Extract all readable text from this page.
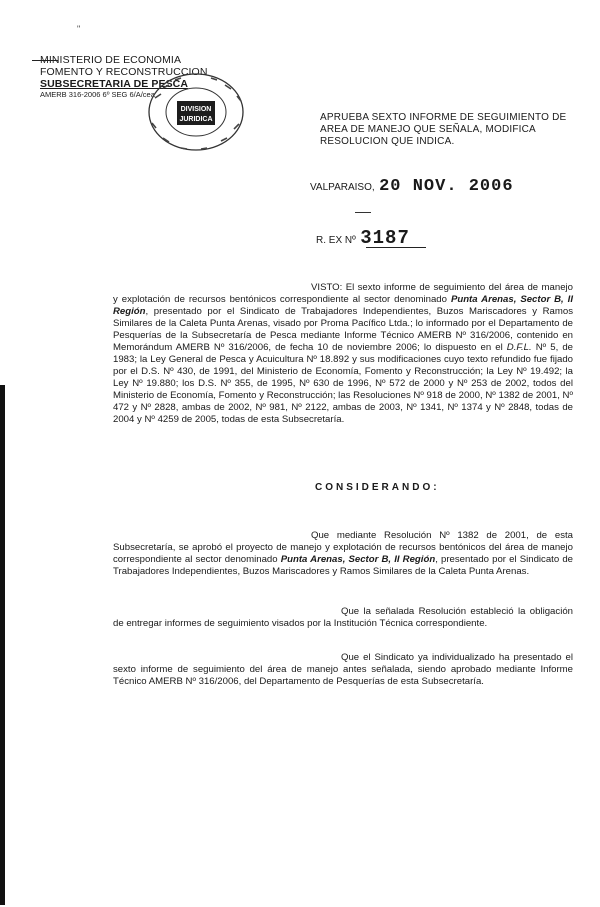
"
MINISTERIO DE ECONOMIA
FOMENTO Y RECONSTRUCCION
SUBSECRETARIA DE PESCA
AMERB 316-2006 6º SEG 6/A/cea
DIVISION
JURIDICA	APRUEBA SEXTO INFORME DE SEGUIMIENTO DE AREA DE MANEJO QUE SEÑALA, MODIFICA RESOLUCION QUE INDICA.
VALPARAISO, 20 NOV. 2006
R. EX Nº 3187
VISTO: El sexto informe de seguimiento del área de manejo y explotación de recursos bentónicos correspondiente al sector denominado Punta Arenas, Sector B, II Región, presentado por el Sindicato de Trabajadores Independientes, Buzos Mariscadores y Ramos Similares de la Caleta Punta Arenas, visado por Proma Pacífico Ltda.; lo informado por el Departamento de Pesquerías de la Subsecretaría de Pesca mediante Informe Técnico AMERB Nº 316/2006, contenido en Memorándum AMERB Nº 316/2006, de fecha 10 de noviembre 2006; lo dispuesto en el D.F.L. Nº 5, de 1983; la Ley General de Pesca y Acuicultura Nº 18.892 y sus modificaciones cuyo texto refundido fue fijado por el D.S. Nº 430, de 1991, del Ministerio de Economía, Fomento y Reconstrucción; la Ley Nº 19.492; la Ley Nº 19.880; los D.S. Nº 355, de 1995, Nº 630 de 1996, Nº 572 de 2000 y Nº 253 de 2002, todos del Ministerio de Economía, Fomento y Reconstrucción; las Resoluciones Nº 918 de 2000, Nº 1382 de 2001, Nº 472 y Nº 2828, ambas de 2002, Nº 981, Nº 2122, ambas de 2003, Nº 1341, Nº 1374 y Nº 2848, todas de 2004 y Nº 4259 de 2005, todas de esta Subsecretaría.
CONSIDERANDO:
Que mediante Resolución Nº 1382 de 2001, de esta Subsecretaría, se aprobó el proyecto de manejo y explotación de recursos bentónicos del área de manejo correspondiente al sector denominado Punta Arenas, Sector B, II Región, presentado por el Sindicato de Trabajadores Independientes, Buzos Mariscadores y Ramos Similares de la Caleta Punta Arenas.
Que la señalada Resolución estableció la obligación de entregar informes de seguimiento visados por la Institución Técnica correspondiente.
Que el Sindicato ya individualizado ha presentado el sexto informe de seguimiento del área de manejo antes señalada, siendo aprobado mediante Informe Técnico AMERB Nº 316/2006, del Departamento de Pesquerías de esta Subsecretaría.
